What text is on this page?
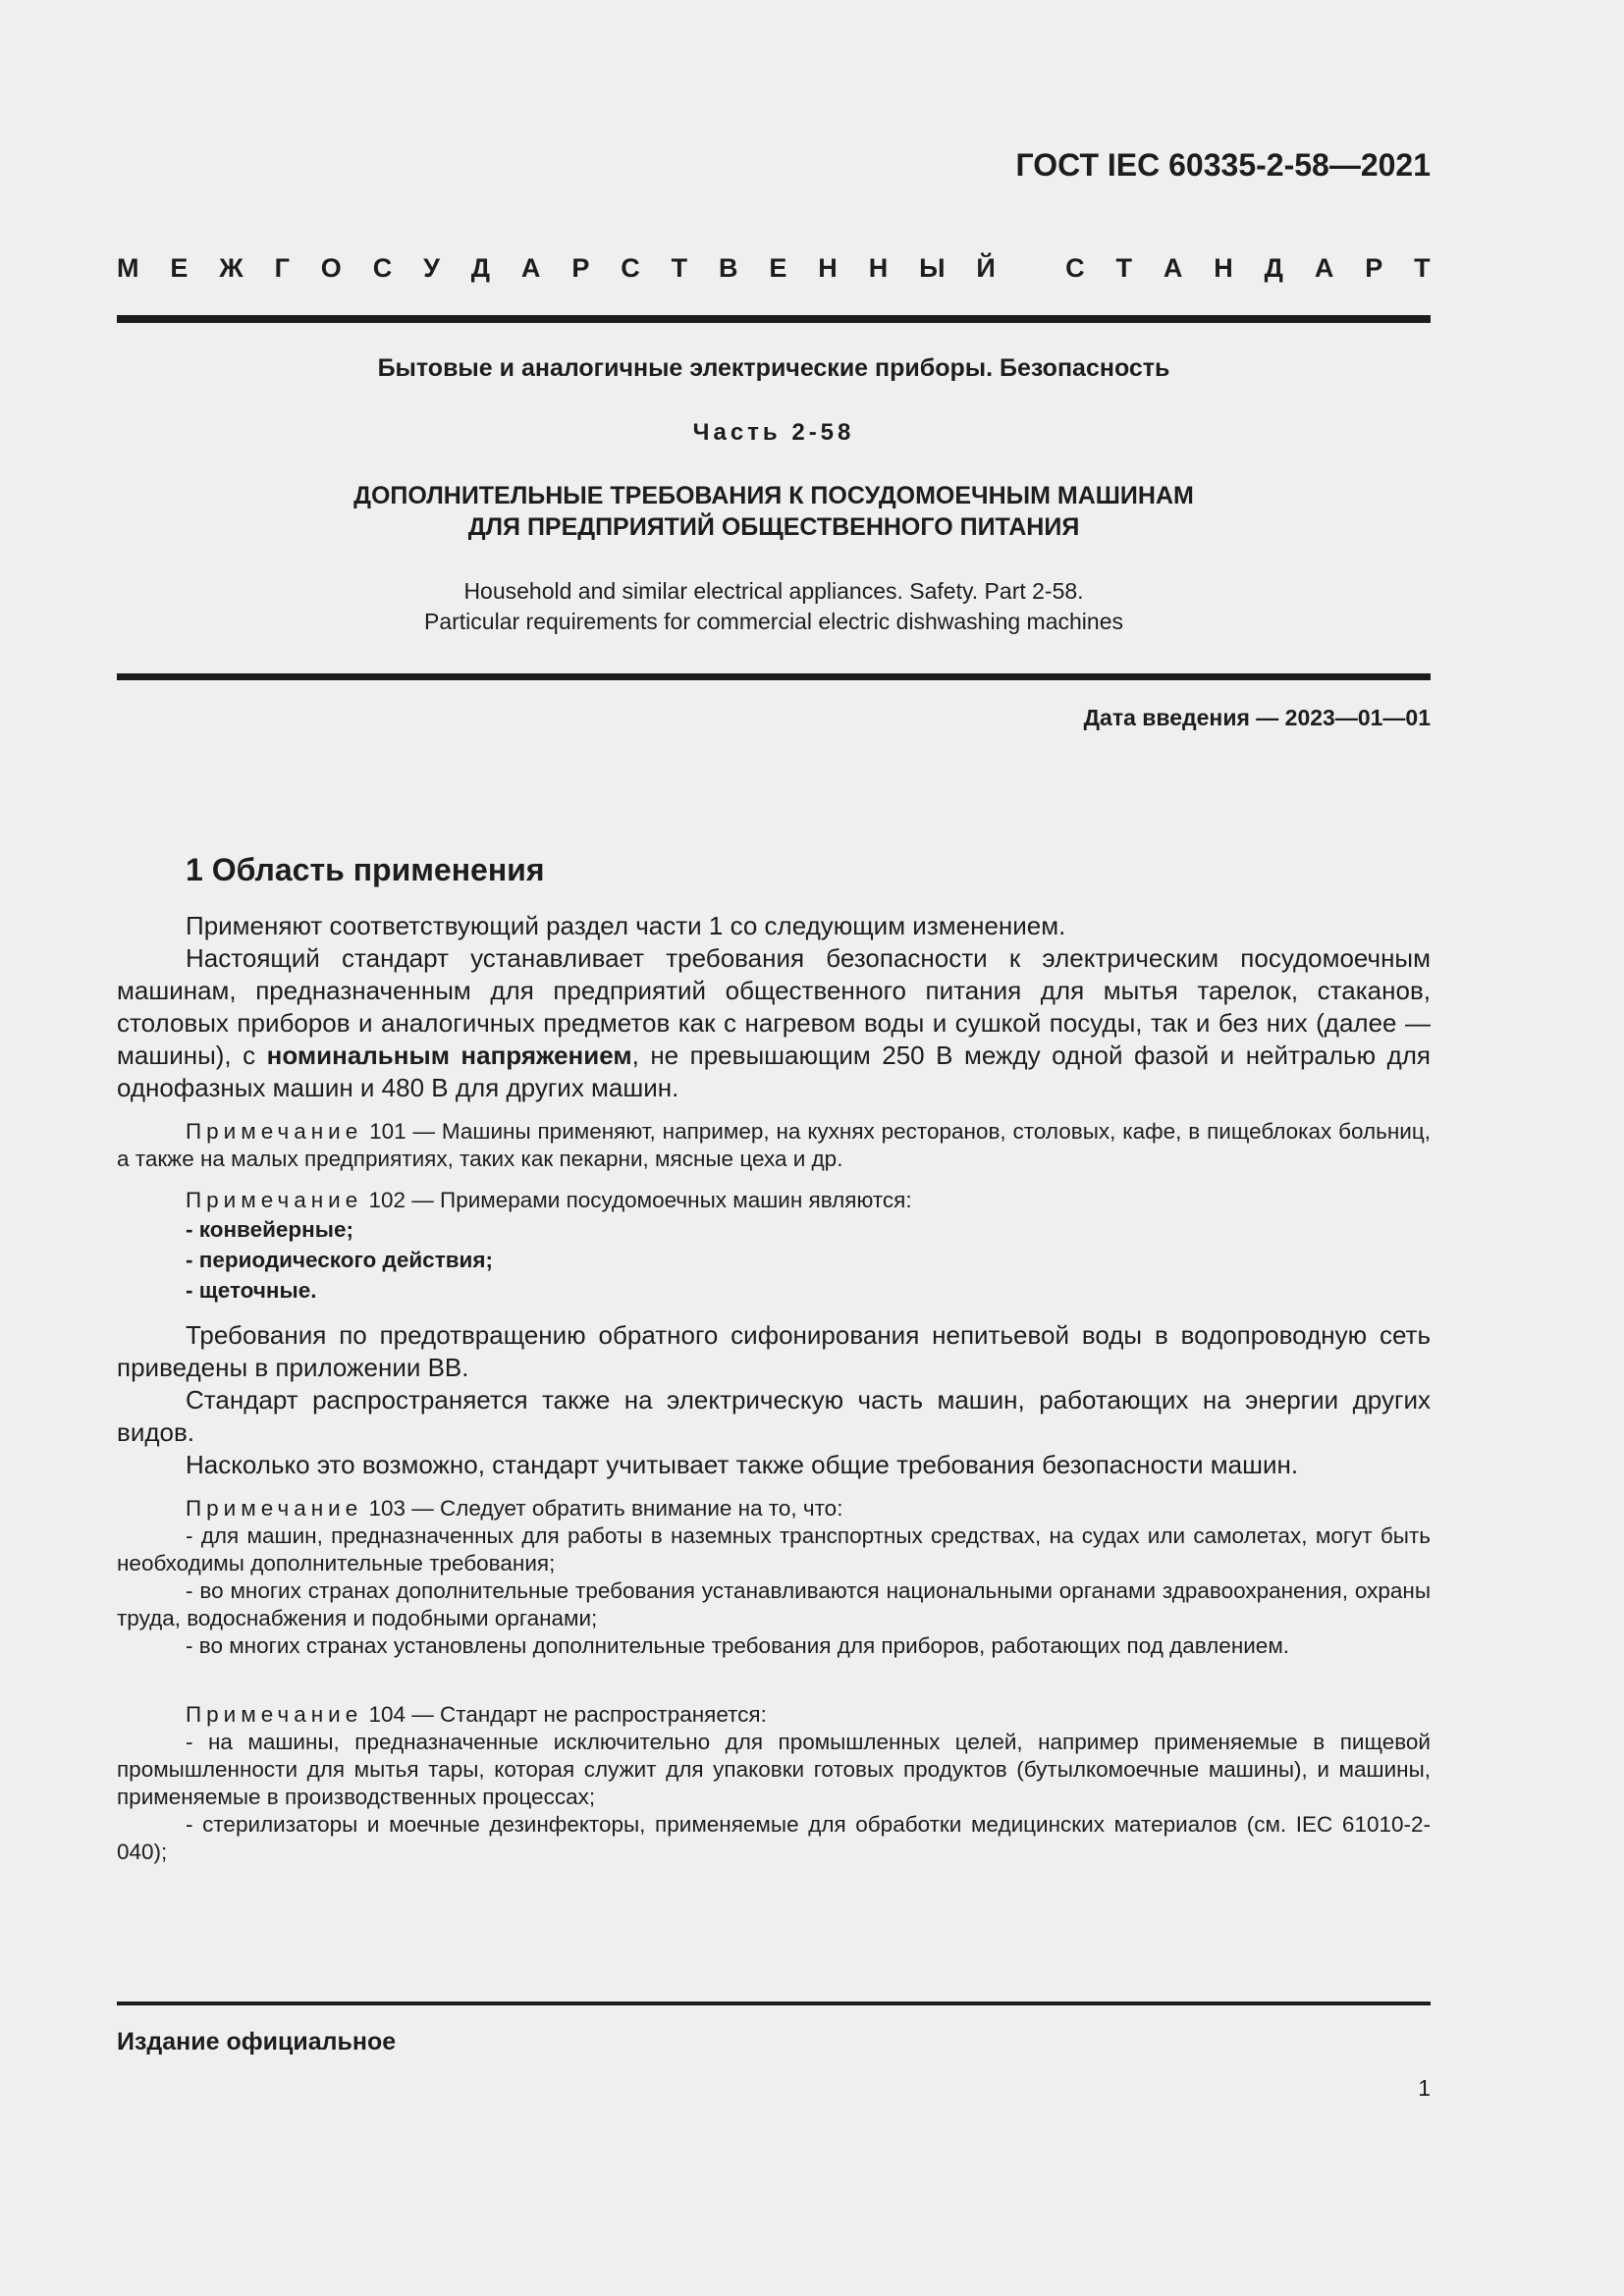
ГОСТ IEC 60335-2-58—2021

М Е Ж Г О С У Д А Р С Т В Е Н Н Ы Й
	С Т А Н Д А Р Т

Бытовые и аналогичные электрические приборы. Безопасность

Часть 2-58

ДОПОЛНИТЕЛЬНЫЕ ТРЕБОВАНИЯ К ПОСУДОМОЕЧНЫМ МАШИНАМ
ДЛЯ ПРЕДПРИЯТИЙ ОБЩЕСТВЕННОГО ПИТАНИЯ
Household and similar electrical appliances. Safety. Part 2-58.
Particular requirements for commercial electric dishwashing machines

Дата введения — 2023—01—01

1 Область применения

Применяют соответствующий раздел части 1 со следующим изменением.

Настоящий стандарт устанавливает требования безопасности к электрическим посудомоечным машинам, предназначенным для предприятий общественного питания для мытья тарелок, стаканов, столовых приборов и аналогичных предметов как с нагревом воды и сушкой посуды, так и без них (далее — машины), с номинальным напряжением, не превышающим 250 В между одной фазой и нейтралью для однофазных машин и 480 В для других машин.

Примечание 101 — Машины применяют, например, на кухнях ресторанов, столовых, кафе, в пищеблоках больниц, а также на малых предприятиях, таких как пекарни, мясные цеха и др.

Примечание 102 — Примерами посудомоечных машин являются:

- конвейерные;

- периодического действия;

- щеточные.

Требования по предотвращению обратного сифонирования непитьевой воды в водопроводную сеть приведены в приложении ВВ.

Стандарт распространяется также на электрическую часть машин, работающих на энергии других видов.

Насколько это возможно, стандарт учитывает также общие требования безопасности машин.

Примечание 103 — Следует обратить внимание на то, что:

- для машин, предназначенных для работы в наземных транспортных средствах, на судах или самолетах, могут быть необходимы дополнительные требования;

- во многих странах дополнительные требования устанавливаются национальными органами здравоохранения, охраны труда, водоснабжения и подобными органами;

- во многих странах установлены дополнительные требования для приборов, работающих под давлением.

Примечание 104 — Стандарт не распространяется:

- на машины, предназначенные исключительно для промышленных целей, например применяемые в пищевой промышленности для мытья тары, которая служит для упаковки готовых продуктов (бутылкомоечные машины), и машины, применяемые в производственных процессах;

- стерилизаторы и моечные дезинфекторы, применяемые для обработки медицинских материалов (см. IEC 61010-2-040);

Издание официальное

1
